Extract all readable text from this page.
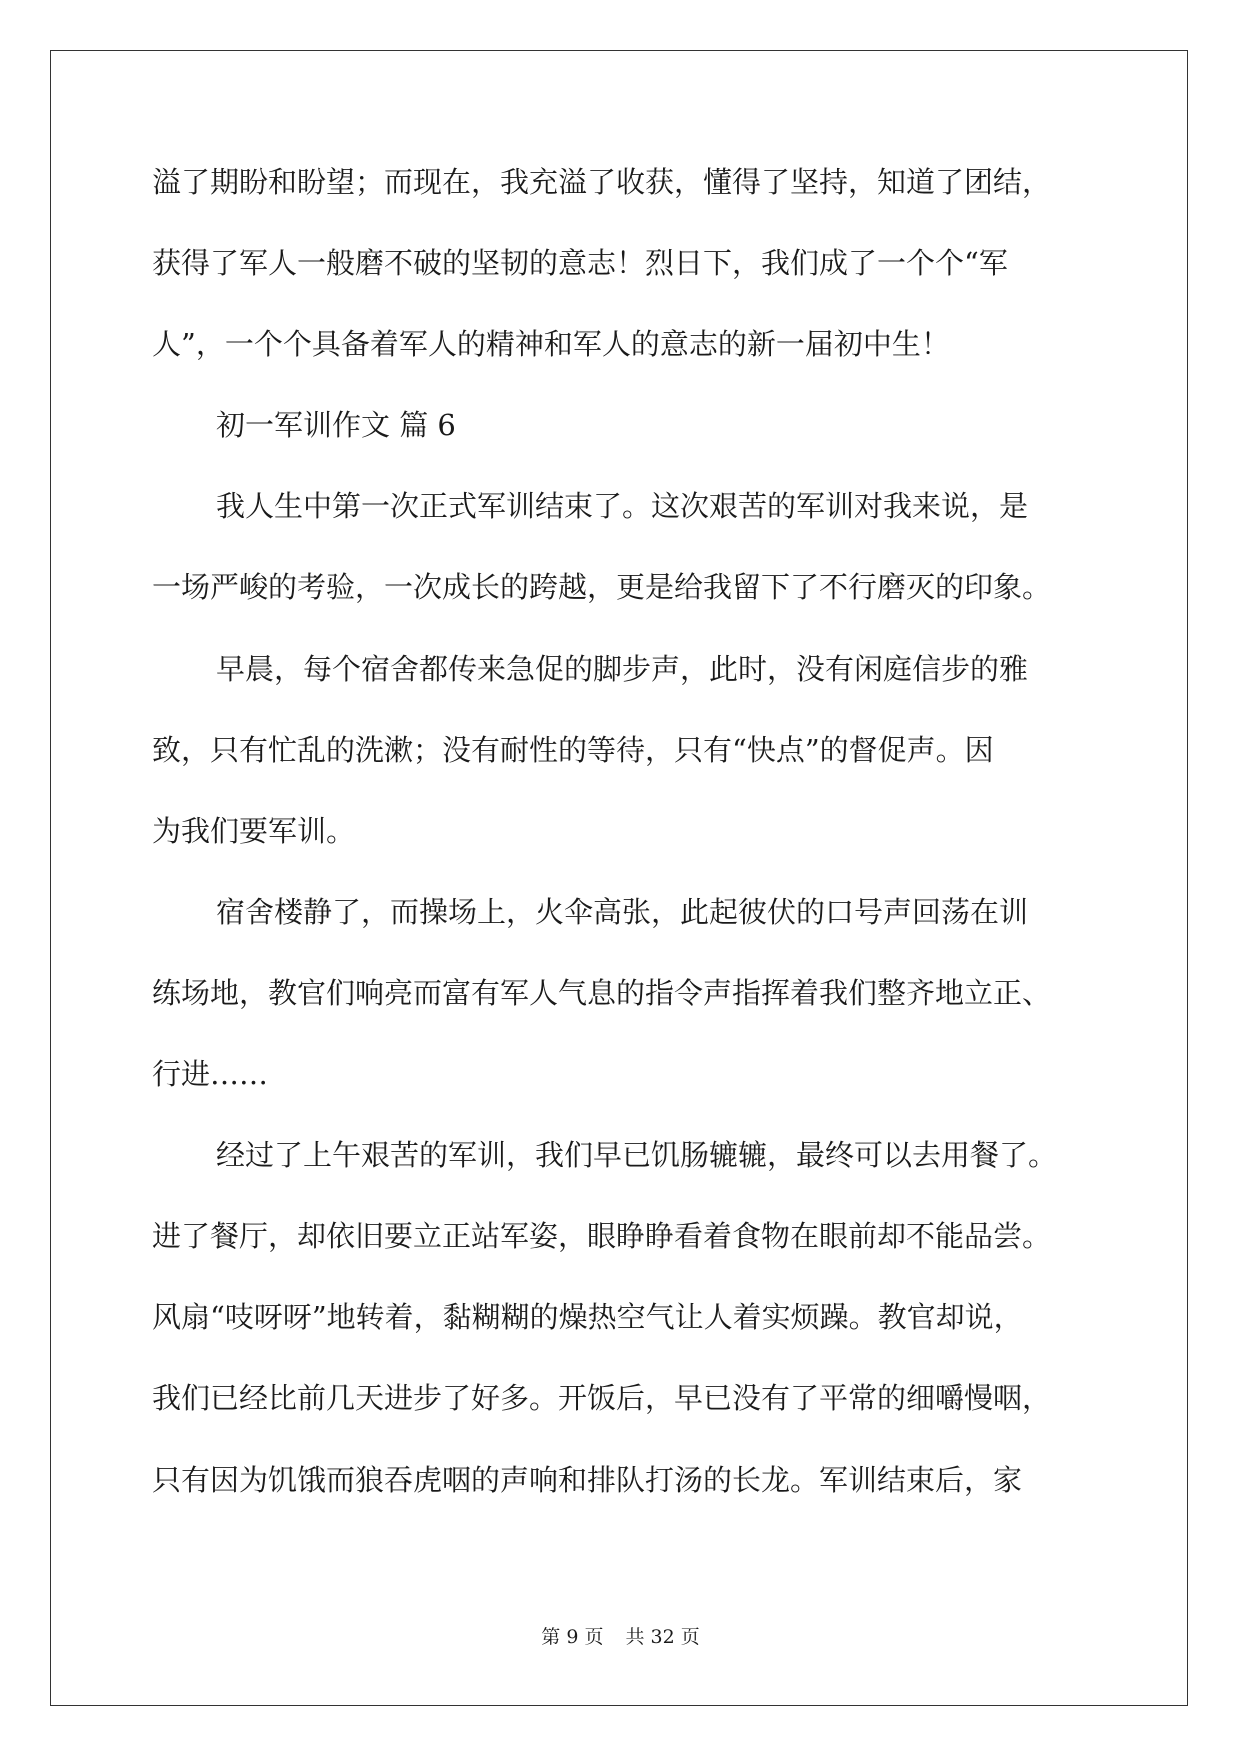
溢了期盼和盼望；而现在，我充溢了收获，懂得了坚持，知道了团结，
获得了军人一般磨不破的坚韧的意志！烈日下，我们成了一个个“军
人”，一个个具备着军人的精神和军人的意志的新一届初中生！
初一军训作文 篇 6
我人生中第一次正式军训结束了。这次艰苦的军训对我来说，是
一场严峻的考验，一次成长的跨越，更是给我留下了不行磨灭的印象。
早晨，每个宿舍都传来急促的脚步声，此时，没有闲庭信步的雅
致，只有忙乱的洗漱；没有耐性的等待，只有“快点”的督促声。因
为我们要军训。
宿舍楼静了，而操场上，火伞高张，此起彼伏的口号声回荡在训
练场地，教官们响亮而富有军人气息的指令声指挥着我们整齐地立正、
行进……
经过了上午艰苦的军训，我们早已饥肠辘辘，最终可以去用餐了。
进了餐厅，却依旧要立正站军姿，眼睁睁看着食物在眼前却不能品尝。
风扇“吱呀呀”地转着，黏糊糊的燥热空气让人着实烦躁。教官却说，
我们已经比前几天进步了好多。开饭后，早已没有了平常的细嚼慢咽，
只有因为饥饿而狼吞虎咽的声响和排队打汤的长龙。军训结束后，家
第 9 页 共 32 页
